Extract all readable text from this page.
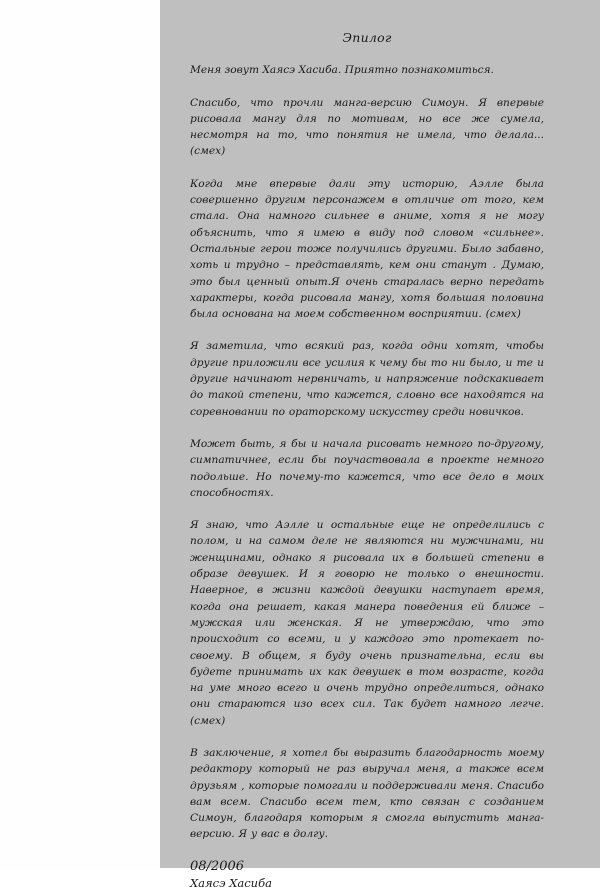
Эпилог
Меня зовут Хаясэ Хасиба. Приятно познакомиться.
Спасибо, что прочли манга-версию Симоун. Я впервые рисовала мангу для по мотивам, но все же сумела, несмотря на то, что понятия не имела, что делала... (смех)
Когда мне впервые дали эту историю, Аэлле была совершенно другим персонажем в отличие от того, кем стала. Она намного сильнее в аниме, хотя я не могу объяснить, что я имею в виду под словом «сильнее». Остальные герои тоже получились другими. Было забавно, хоть и трудно – представлять, кем они станут . Думаю, это был ценный опыт.Я очень старалась верно передать характеры, когда рисовала мангу, хотя большая половина была основана на моем собственном восприятии. (смех)
Я заметила, что всякий раз, когда одни хотят, чтобы другие приложили все усилия к чему бы то ни было, и те и другие начинают нервничать, и напряжение подскакивает до такой степени, что кажется, словно все находятся на соревновании по ораторскому искусству среди новичков.
Может быть, я бы и начала рисовать немного по-другому, симпатичнее, если бы поучаствовала в проекте немного подольше. Но почему-то кажется, что все дело в моих способностях.
Я знаю, что Аэлле и остальные еще не определились с полом, и на самом деле не являются ни мужчинами, ни женщинами, однако я рисовала их в большей степени в образе девушек. И я говорю не только о внешности. Наверное, в жизни каждой девушки наступает время, когда она решает, какая манера поведения ей ближе – мужская или женская. Я не утверждаю, что это происходит со всеми, и у каждого это протекает по-своему. В общем, я буду очень признательна, если вы будете принимать их как девушек в том возрасте, когда на уме много всего и очень трудно определиться, однако они стараются изо всех сил. Так будет намного легче. (смех)
В заключение, я хотел бы выразить благодарность моему редактору который не раз выручал меня, а также всем друзьям , которые помогали и поддерживали меня. Спасибо вам всем. Спасибо всем тем, кто связан с созданием Симоун, благодаря которым я смогла выпустить манга-версию. Я у вас в долгу.
08/2006
Хаясэ Хасиба
